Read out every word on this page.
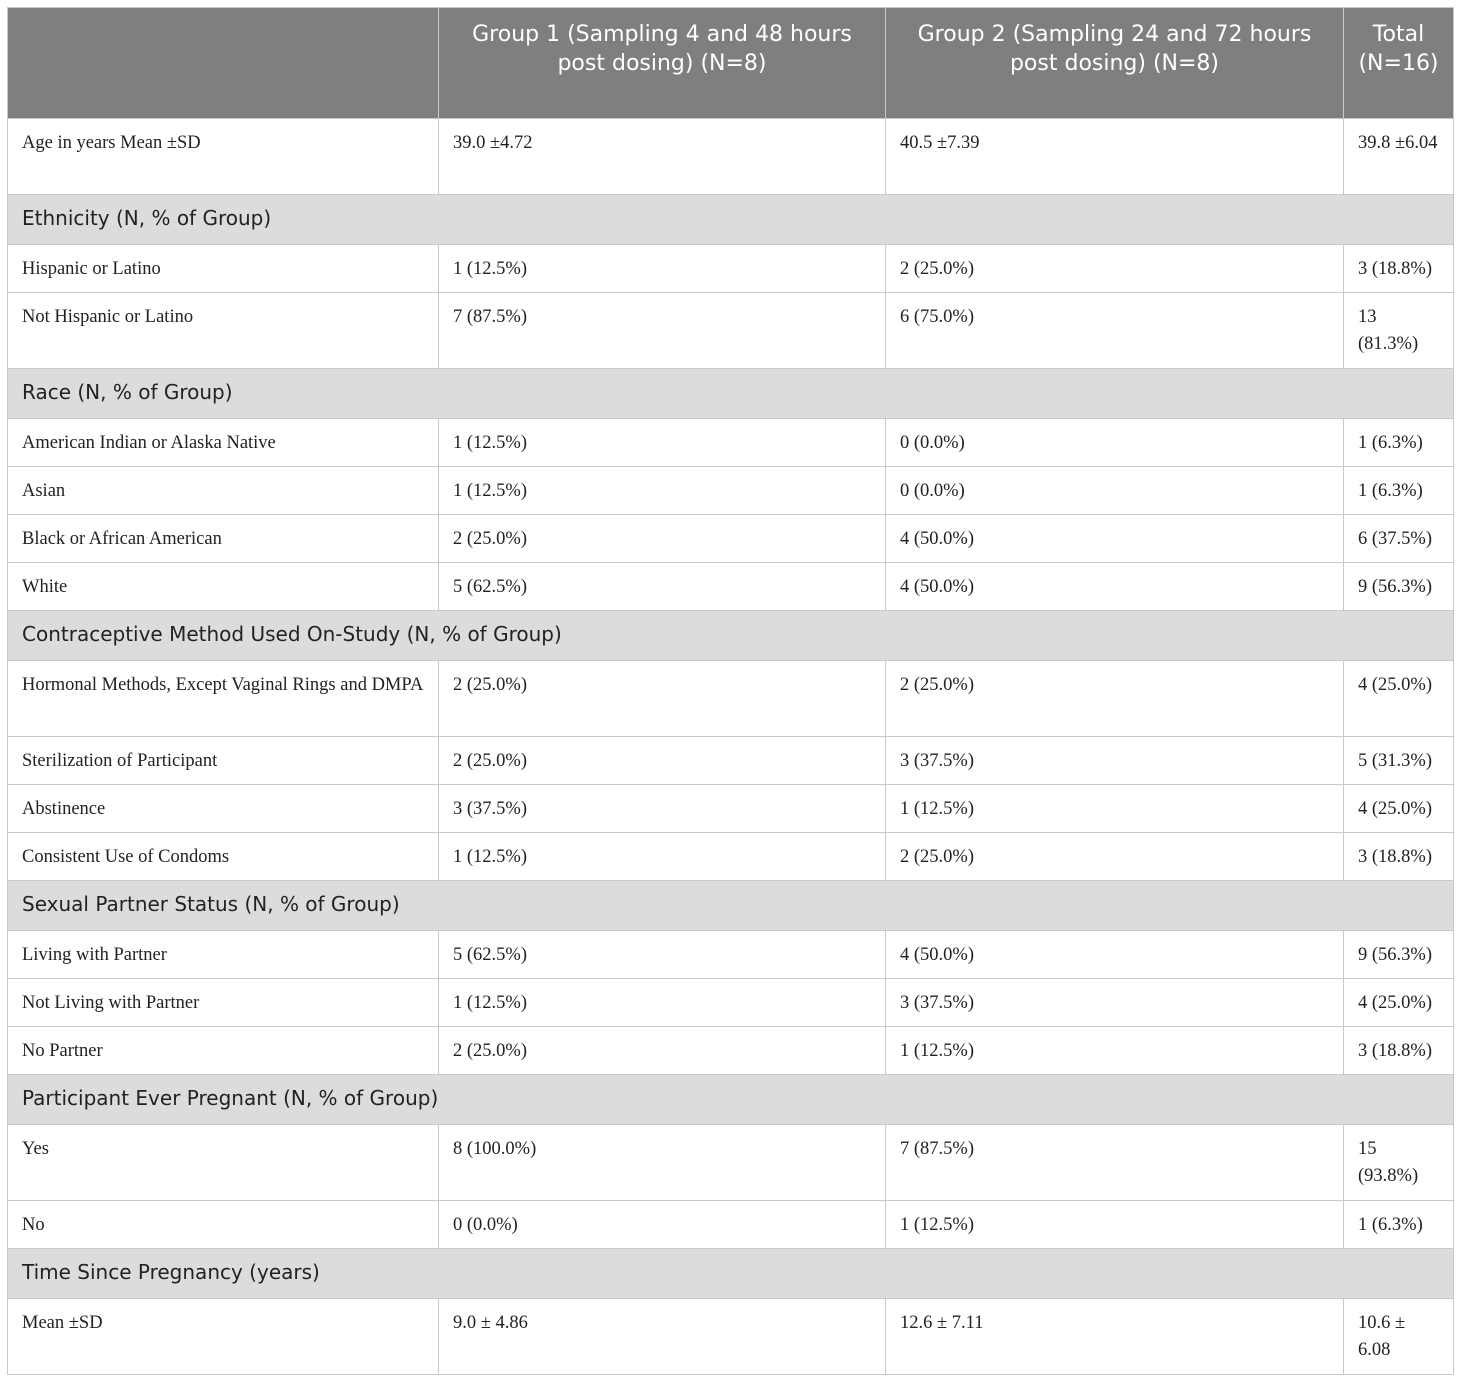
	Group 1 (Sampling 4 and 48 hours post dosing) (N=8)	Group 2 (Sampling 24 and 72 hours post dosing) (N=8)	Total (N=16)
Age in years Mean ±SD	39.0 ±4.72	40.5 ±7.39	39.8 ±6.04
Ethnicity (N, % of Group)			
Hispanic or Latino	1 (12.5%)	2 (25.0%)	3 (18.8%)
Not Hispanic or Latino	7 (87.5%)	6 (75.0%)	13 (81.3%)
Race (N, % of Group)			
American Indian or Alaska Native	1 (12.5%)	0 (0.0%)	1 (6.3%)
Asian	1 (12.5%)	0 (0.0%)	1 (6.3%)
Black or African American	2 (25.0%)	4 (50.0%)	6 (37.5%)
White	5 (62.5%)	4 (50.0%)	9 (56.3%)
Contraceptive Method Used On-Study (N, % of Group)			
Hormonal Methods, Except Vaginal Rings and DMPA	2 (25.0%)	2 (25.0%)	4 (25.0%)
Sterilization of Participant	2 (25.0%)	3 (37.5%)	5 (31.3%)
Abstinence	3 (37.5%)	1 (12.5%)	4 (25.0%)
Consistent Use of Condoms	1 (12.5%)	2 (25.0%)	3 (18.8%)
Sexual Partner Status (N, % of Group)			
Living with Partner	5 (62.5%)	4 (50.0%)	9 (56.3%)
Not Living with Partner	1 (12.5%)	3 (37.5%)	4 (25.0%)
No Partner	2 (25.0%)	1 (12.5%)	3 (18.8%)
Participant Ever Pregnant (N, % of Group)			
Yes	8 (100.0%)	7 (87.5%)	15 (93.8%)
No	0 (0.0%)	1 (12.5%)	1 (6.3%)
Time Since Pregnancy (years)			
Mean ±SD	9.0 ± 4.86	12.6 ± 7.11	10.6 ± 6.08
